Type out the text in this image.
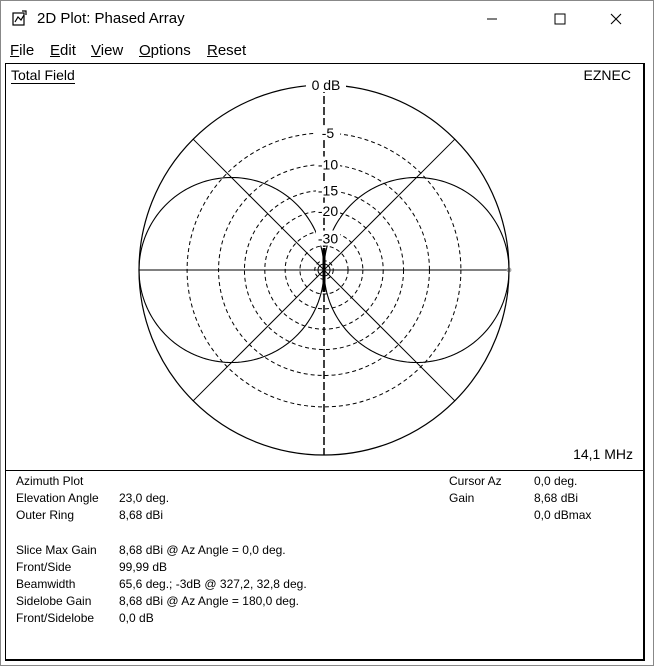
2D Plot: Phased Array
File Edit View Options Reset
0 dB
-5
-10
-15
-20
-30
Total Field	EZNEC
14,1 MHz
Azimuth Plot
Elevation Angle 23,0 deg.
Outer Ring	8,68 dBi
Slice Max Gain 8,68 dBi @ Az Angle = 0,0 deg.
Front/Side	99,99 dB
Beamwidth	65,6 deg.; -3dB @ 327,2, 32,8 deg.
Sidelobe Gain 8,68 dBi @ Az Angle = 180,0 deg.
Front/Sidelobe 0,0 dB
Cursor Az	0,0 deg.
Gain	8,68 dBi
0,0 dBmax
